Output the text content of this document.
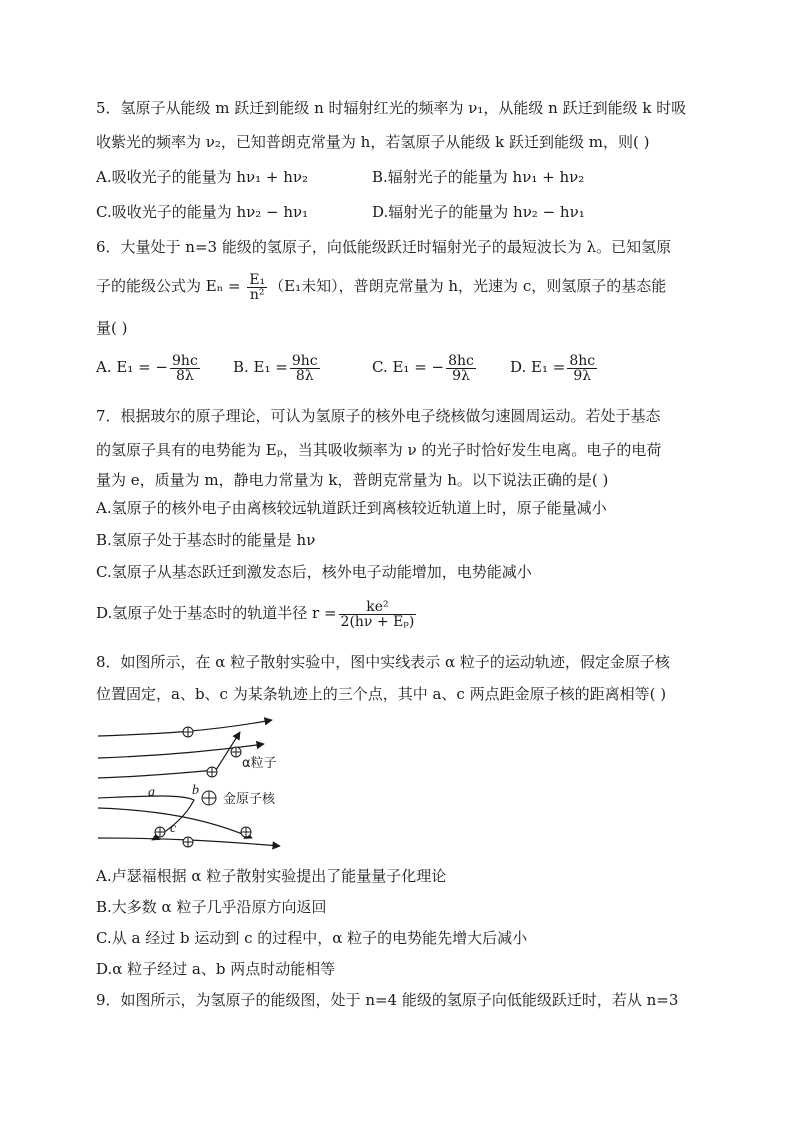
5．氢原子从能级 m 跃迁到能级 n 时辐射红光的频率为 ν₁，从能级 n 跃迁到能级 k 时吸
收紫光的频率为 ν₂，已知普朗克常量为 h，若氢原子从能级 k 跃迁到能级 m，则( )
A.吸收光子的能量为 hν₁ + hν₂	B.辐射光子的能量为 hν₁ + hν₂
C.吸收光子的能量为 hν₂ − hν₁	D.辐射光子的能量为 hν₂ − hν₁
6．大量处于 n=3 能级的氢原子，向低能级跃迁时辐射光子的最短波长为 λ。已知氢原
子的能级公式为 $E_n = \frac{\text{E₁}}{\text{n²}} (E_1$未知），普朗克常量为 h，光速为 c，则氢原子的基态能
量( )
A. E₁ = − $\frac{9hc}{8\lambda} B$. $E_1 = \frac{9hc}{8\lambda}$	C. E₁ = − $\frac{8hc}{9\lambda} D$. $E_1 = \frac{8hc}{9\lambda}$
7．根据玻尔的原子理论，可认为氢原子的核外电子绕核做匀速圆周运动。若处于基态
的氢原子具有的电势能为 Eₚ，当其吸收频率为 ν 的光子时恰好发生电离。电子的电荷
量为 e，质量为 m，静电力常量为 k，普朗克常量为 h。以下说法正确的是( )
A.氢原子的核外电子由离核较远轨道跃迁到离核较近轨道上时，原子能量减小
B.氢原子处于基态时的能量是 hν
C.氢原子从基态跃迁到激发态后，核外电子动能增加，电势能减小
D.氢原子处于基态时的轨道半径 $r = \frac{\text{ke²}}{\text{2(hν + Eₚ)}}$
8．如图所示，在 α 粒子散射实验中，图中实线表示 α 粒子的运动轨迹，假定金原子核
位置固定，a、b、c 为某条轨迹上的三个点，其中 a、c 两点距金原子核的距离相等( )
α粒子
金原子核
a	b
c
A.卢瑟福根据 α 粒子散射实验提出了能量量子化理论
B.大多数 α 粒子几乎沿原方向返回
C.从 a 经过 b 运动到 c 的过程中，α 粒子的电势能先增大后减小
D.α 粒子经过 a、b 两点时动能相等
9．如图所示，为氢原子的能级图，处于 n=4 能级的氢原子向低能级跃迁时，若从 n=3
